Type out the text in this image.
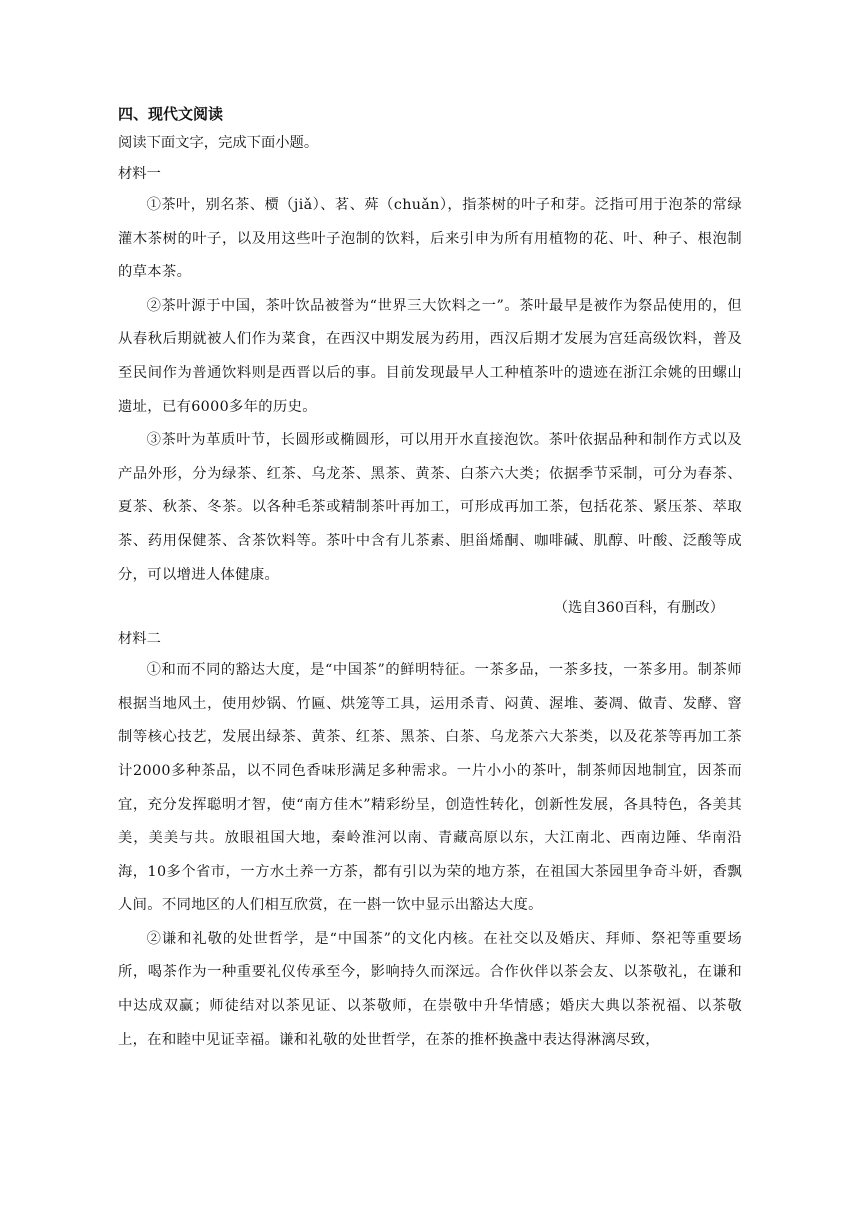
四、现代文阅读
阅读下面文字，完成下面小题。
材料一

①茶叶，别名茶、槚（jiǎ）、茗、荈（chuǎn），指茶树的叶子和芽。泛指可用于泡茶的常绿灌木茶树的叶子，以及用这些叶子泡制的饮料，后来引申为所有用植物的花、叶、种子、根泡制的草本茶。

②茶叶源于中国，茶叶饮品被誉为“世界三大饮料之一”。茶叶最早是被作为祭品使用的，但从春秋后期就被人们作为菜食，在西汉中期发展为药用，西汉后期才发展为宫廷高级饮料，普及至民间作为普通饮料则是西晋以后的事。目前发现最早人工种植茶叶的遗迹在浙江余姚的田螺山遗址，已有6000多年的历史。

③茶叶为革质叶节，长圆形或椭圆形，可以用开水直接泡饮。茶叶依据品种和制作方式以及产品外形，分为绿茶、红茶、乌龙茶、黑茶、黄茶、白茶六大类；依据季节采制，可分为春茶、夏茶、秋茶、冬茶。以各种毛茶或精制茶叶再加工，可形成再加工茶，包括花茶、紧压茶、萃取茶、药用保健茶、含茶饮料等。茶叶中含有儿茶素、胆甾烯酮、咖啡碱、肌醇、叶酸、泛酸等成分，可以增进人体健康。

（选自360百科，有删改）
材料二

①和而不同的豁达大度，是“中国茶”的鲜明特征。一茶多品，一茶多技，一茶多用。制茶师根据当地风土，使用炒锅、竹匾、烘笼等工具，运用杀青、闷黄、渥堆、萎凋、做青、发酵、窨制等核心技艺，发展出绿茶、黄茶、红茶、黑茶、白茶、乌龙茶六大茶类，以及花茶等再加工茶计2000多种茶品，以不同色香味形满足多种需求。一片小小的茶叶，制茶师因地制宜，因茶而宜，充分发挥聪明才智，使“南方佳木”精彩纷呈，创造性转化，创新性发展，各具特色，各美其美，美美与共。放眼祖国大地，秦岭淮河以南、青藏高原以东，大江南北、西南边陲、华南沿海，10多个省市，一方水土养一方茶，都有引以为荣的地方茶，在祖国大茶园里争奇斗妍，香飘人间。不同地区的人们相互欣赏，在一斟一饮中显示出豁达大度。

②谦和礼敬的处世哲学，是“中国茶”的文化内核。在社交以及婚庆、拜师、祭祀等重要场所，喝茶作为一种重要礼仪传承至今，影响持久而深远。合作伙伴以茶会友、以茶敬礼，在谦和中达成双赢；师徒结对以茶见证、以茶敬师，在崇敬中升华情感；婚庆大典以茶祝福、以茶敬上，在和睦中见证幸福。谦和礼敬的处世哲学，在茶的推杯换盏中表达得淋漓尽致，
